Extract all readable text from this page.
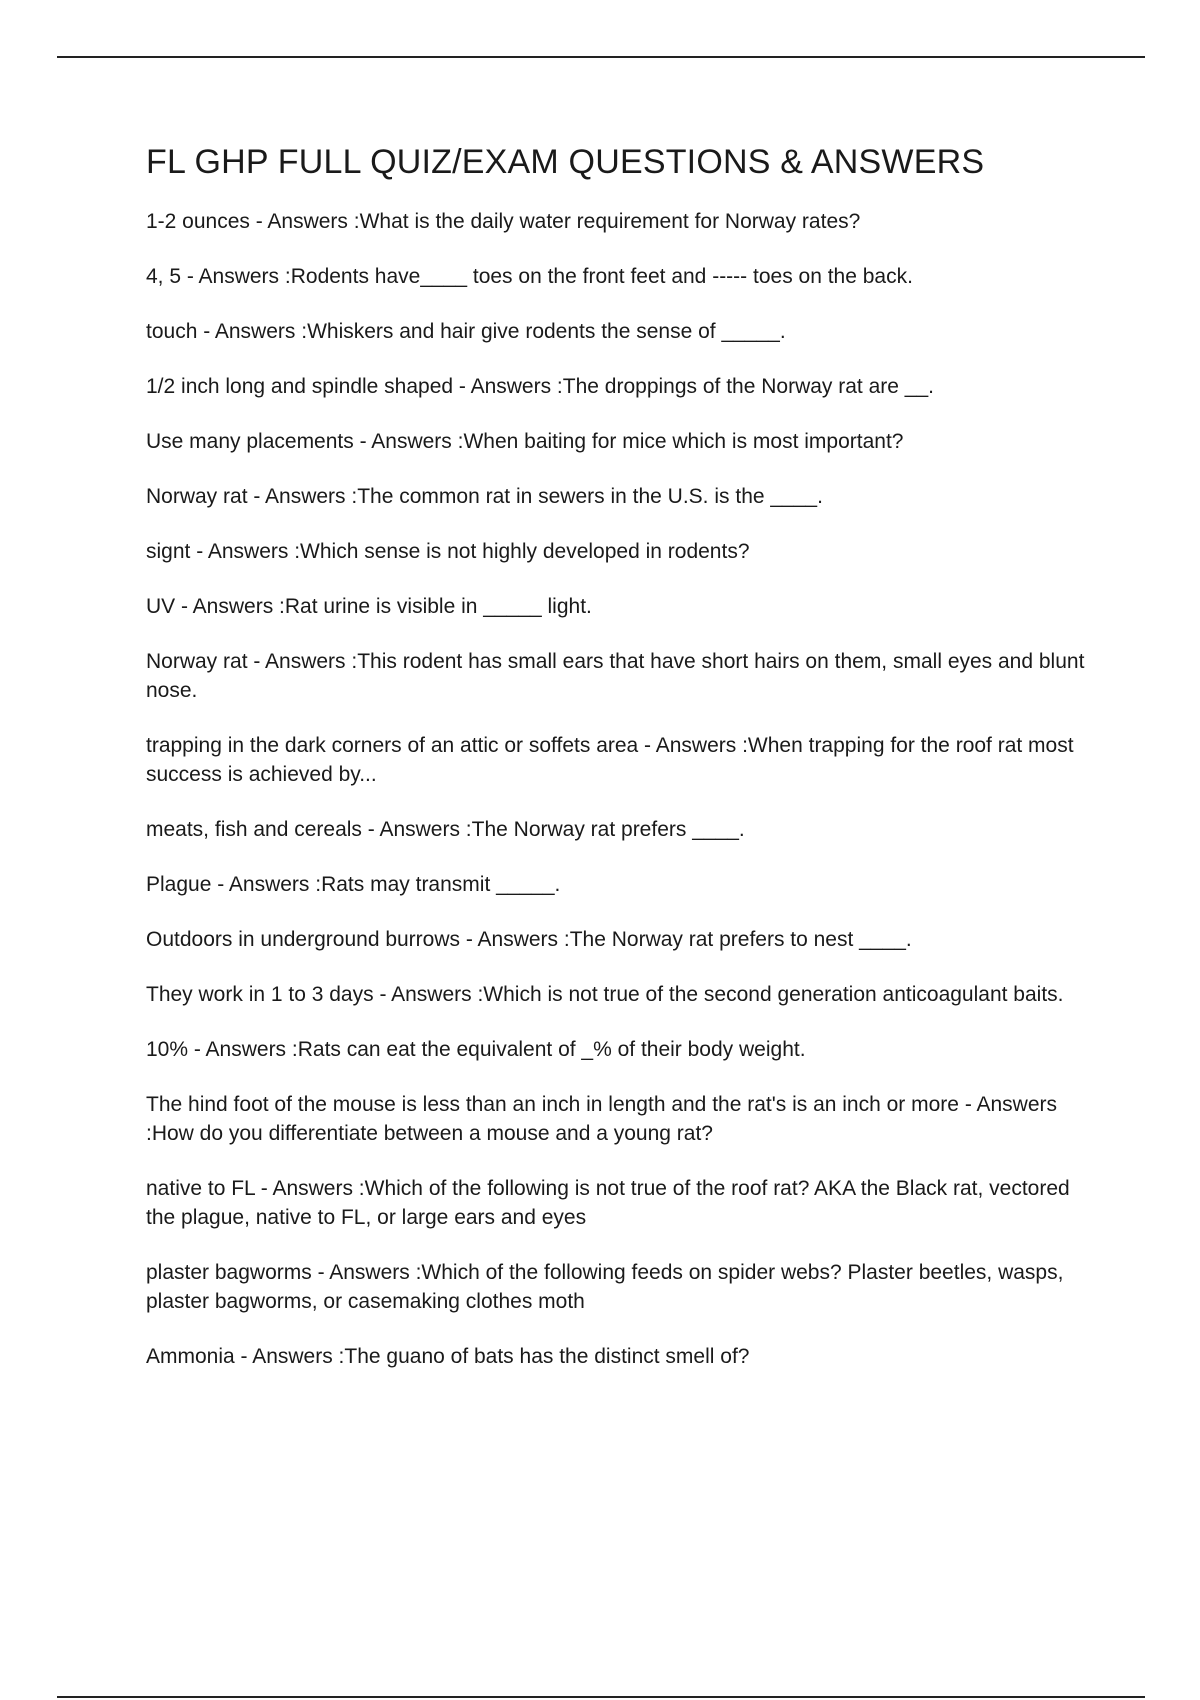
FL GHP FULL QUIZ/EXAM QUESTIONS & ANSWERS

1-2 ounces - Answers :What is the daily water requirement for Norway rates?

4, 5 - Answers :Rodents have____ toes on the front feet and ----- toes on the back.

touch - Answers :Whiskers and hair give rodents the sense of _____.

1/2 inch long and spindle shaped - Answers :The droppings of the Norway rat are __.

Use many placements - Answers :When baiting for mice which is most important?

Norway rat - Answers :The common rat in sewers in the U.S. is the ____.

signt - Answers :Which sense is not highly developed in rodents?

UV - Answers :Rat urine is visible in _____ light.

Norway rat - Answers :This rodent has small ears that have short hairs on them, small eyes and blunt nose.

trapping in the dark corners of an attic or soffets area - Answers :When trapping for the roof rat most success is achieved by...

meats, fish and cereals - Answers :The Norway rat prefers ____.

Plague - Answers :Rats may transmit _____.

Outdoors in underground burrows - Answers :The Norway rat prefers to nest ____.

They work in 1 to 3 days - Answers :Which is not true of the second generation anticoagulant baits.

10% - Answers :Rats can eat the equivalent of _% of their body weight.

The hind foot of the mouse is less than an inch in length and the rat's is an inch or more - Answers :How do you differentiate between a mouse and a young rat?

native to FL - Answers :Which of the following is not true of the roof rat? AKA the Black rat, vectored the plague, native to FL, or large ears and eyes

plaster bagworms - Answers :Which of the following feeds on spider webs? Plaster beetles, wasps, plaster bagworms, or casemaking clothes moth

Ammonia - Answers :The guano of bats has the distinct smell of?
